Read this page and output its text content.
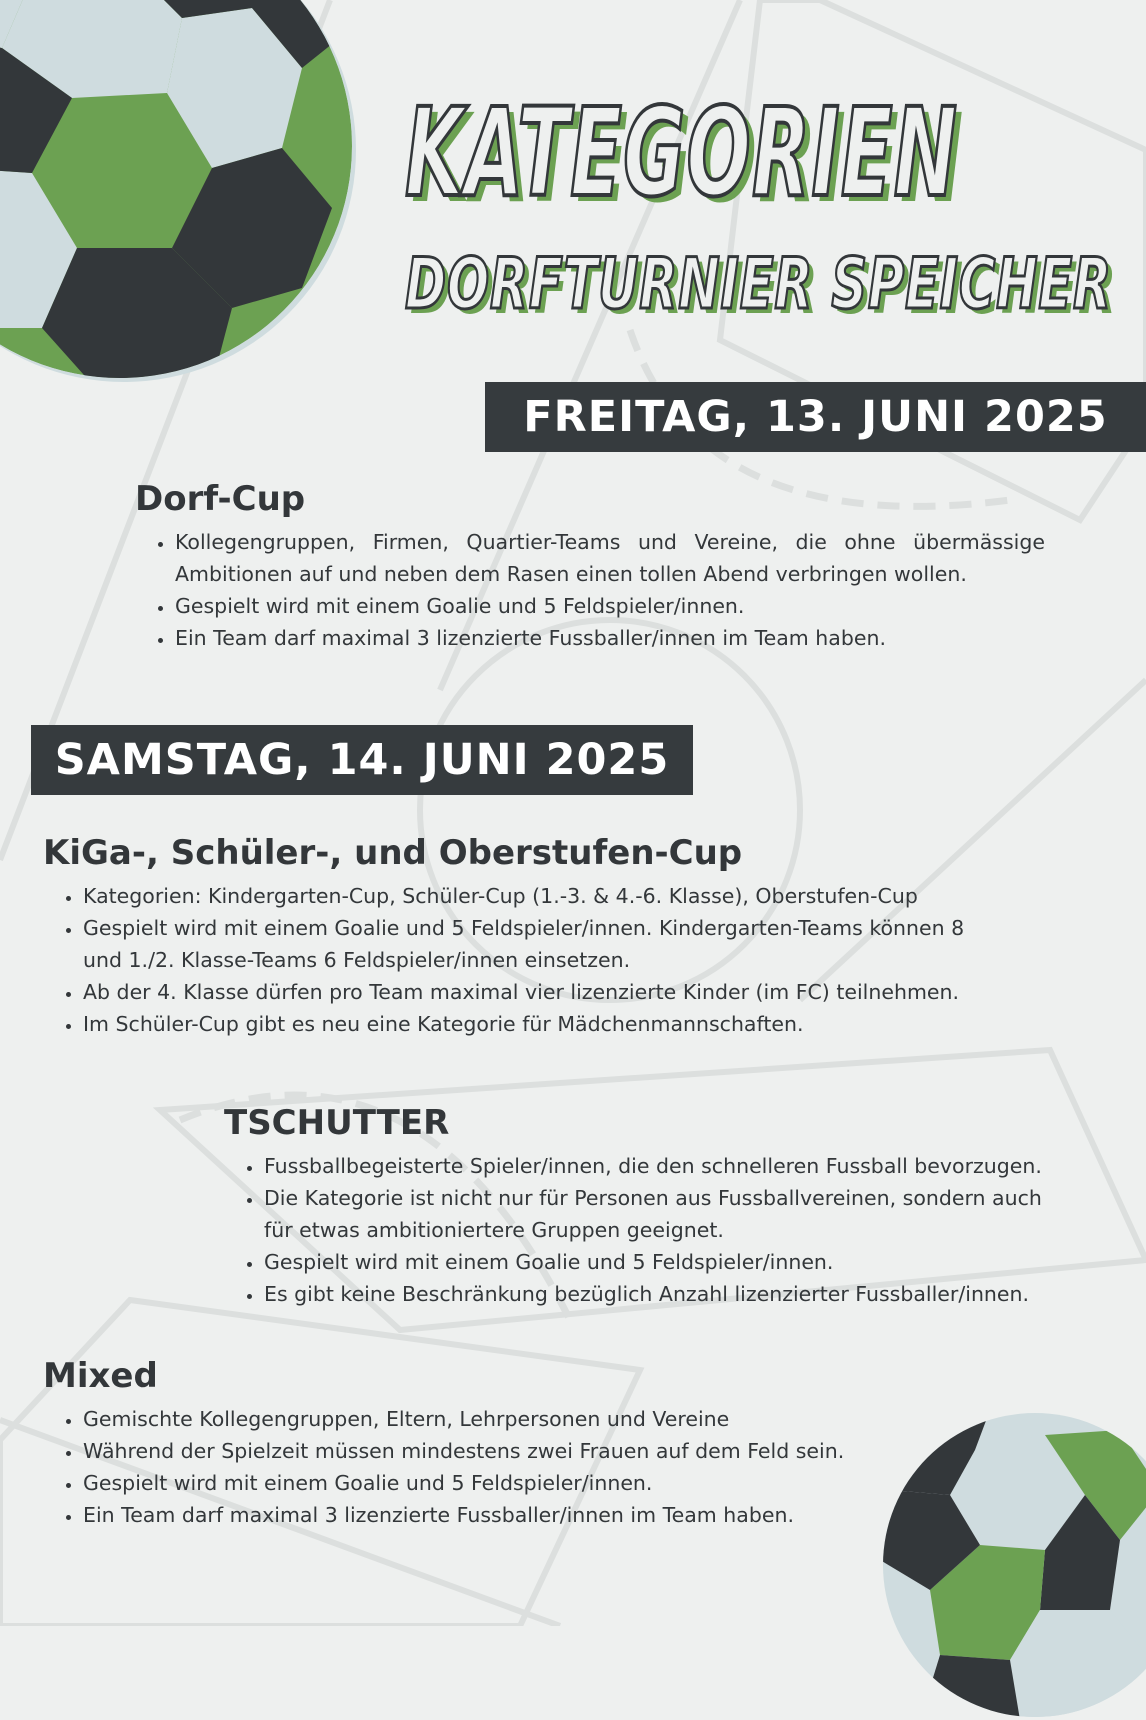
KATEGORIEN
DORFTURNIER SPEICHER
FREITAG, 13. JUNI 2025
Dorf-Cup
• Kollegengruppen, Firmen, Quartier-Teams und Vereine, die ohne übermässige Ambitionen auf und neben dem Rasen einen tollen Abend verbringen wollen.
• Gespielt wird mit einem Goalie und 5 Feldspieler/innen.
• Ein Team darf maximal 3 lizenzierte Fussballer/innen im Team haben.
SAMSTAG, 14. JUNI 2025
KiGa-, Schüler-, und Oberstufen-Cup
• Kategorien: Kindergarten-Cup, Schüler-Cup (1.-3. & 4.-6. Klasse), Oberstufen-Cup
• Gespielt wird mit einem Goalie und 5 Feldspieler/innen. Kindergarten-Teams können 8 und 1./2. Klasse-Teams 6 Feldspieler/innen einsetzen.
• Ab der 4. Klasse dürfen pro Team maximal vier lizenzierte Kinder (im FC) teilnehmen.
• Im Schüler-Cup gibt es neu eine Kategorie für Mädchenmannschaften.
TSCHUTTER
• Fussballbegeisterte Spieler/innen, die den schnelleren Fussball bevorzugen.
• Die Kategorie ist nicht nur für Personen aus Fussballvereinen, sondern auch für etwas ambitioniertere Gruppen geeignet.
• Gespielt wird mit einem Goalie und 5 Feldspieler/innen.
• Es gibt keine Beschränkung bezüglich Anzahl lizenzierter Fussballer/innen.
Mixed
• Gemischte Kollegengruppen, Eltern, Lehrpersonen und Vereine
• Während der Spielzeit müssen mindestens zwei Frauen auf dem Feld sein.
• Gespielt wird mit einem Goalie und 5 Feldspieler/innen.
• Ein Team darf maximal 3 lizenzierte Fussballer/innen im Team haben.
